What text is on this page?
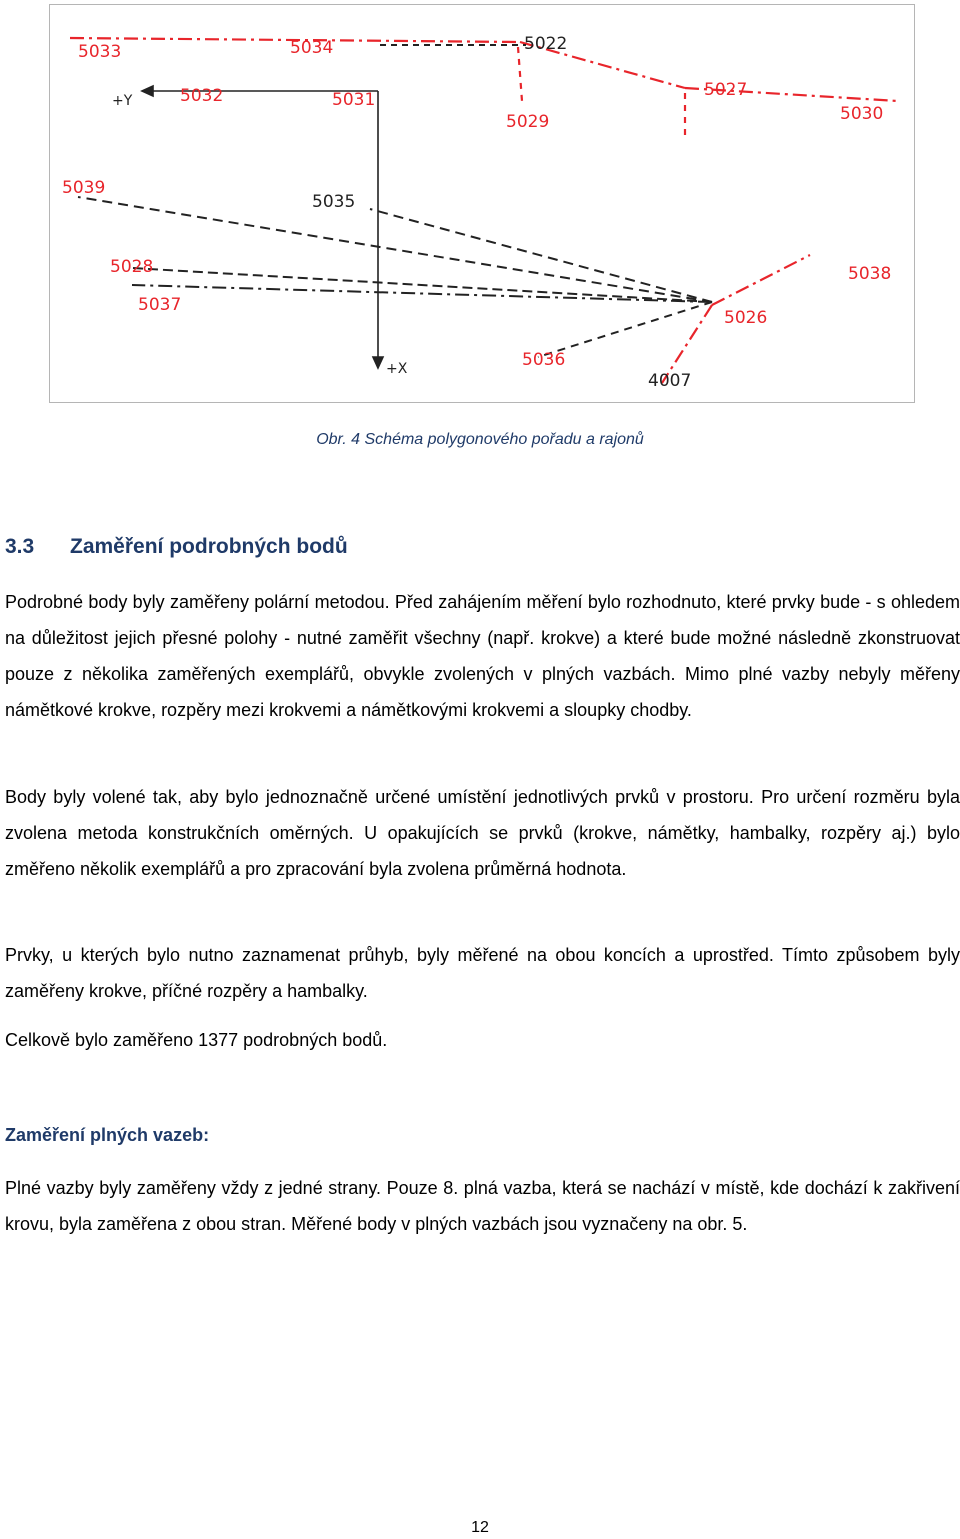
5033	5034	5022
5032	5031	5027
5029	5030
5039
5035
5028
5037
5038
5026
5036
4007
+Y
+X
Obr. 4 Schéma polygonového pořadu a rajonů
3.3 Zaměření podrobných bodů

Podrobné body byly zaměřeny polární metodou. Před zahájením měření bylo rozhodnuto, které prvky bude - s ohledem na důležitost jejich přesné polohy - nutné zaměřit všechny (např. krokve) a které bude možné následně zkonstruovat pouze z několika zaměřených exemplářů, obvykle zvolených v plných vazbách. Mimo plné vazby nebyly měřeny námětkové krokve, rozpěry mezi krokvemi a námětkovými krokvemi a sloupky chodby.

Body byly volené tak, aby bylo jednoznačně určené umístění jednotlivých prvků v prostoru. Pro určení rozměru byla zvolena metoda konstrukčních oměrných. U opakujících se prvků (krokve, námětky, hambalky, rozpěry aj.) bylo změřeno několik exemplářů a pro zpracování byla zvolena průměrná hodnota.

Prvky, u kterých bylo nutno zaznamenat průhyb, byly měřené na obou koncích a uprostřed. Tímto způsobem byly zaměřeny krokve, příčné rozpěry a hambalky.

Celkově bylo zaměřeno 1377 podrobných bodů.

Zaměření plných vazeb:

Plné vazby byly zaměřeny vždy z jedné strany. Pouze 8. plná vazba, která se nachází v místě, kde dochází k zakřivení krovu, byla zaměřena z obou stran. Měřené body v plných vazbách jsou vyznačeny na obr. 5.

12
